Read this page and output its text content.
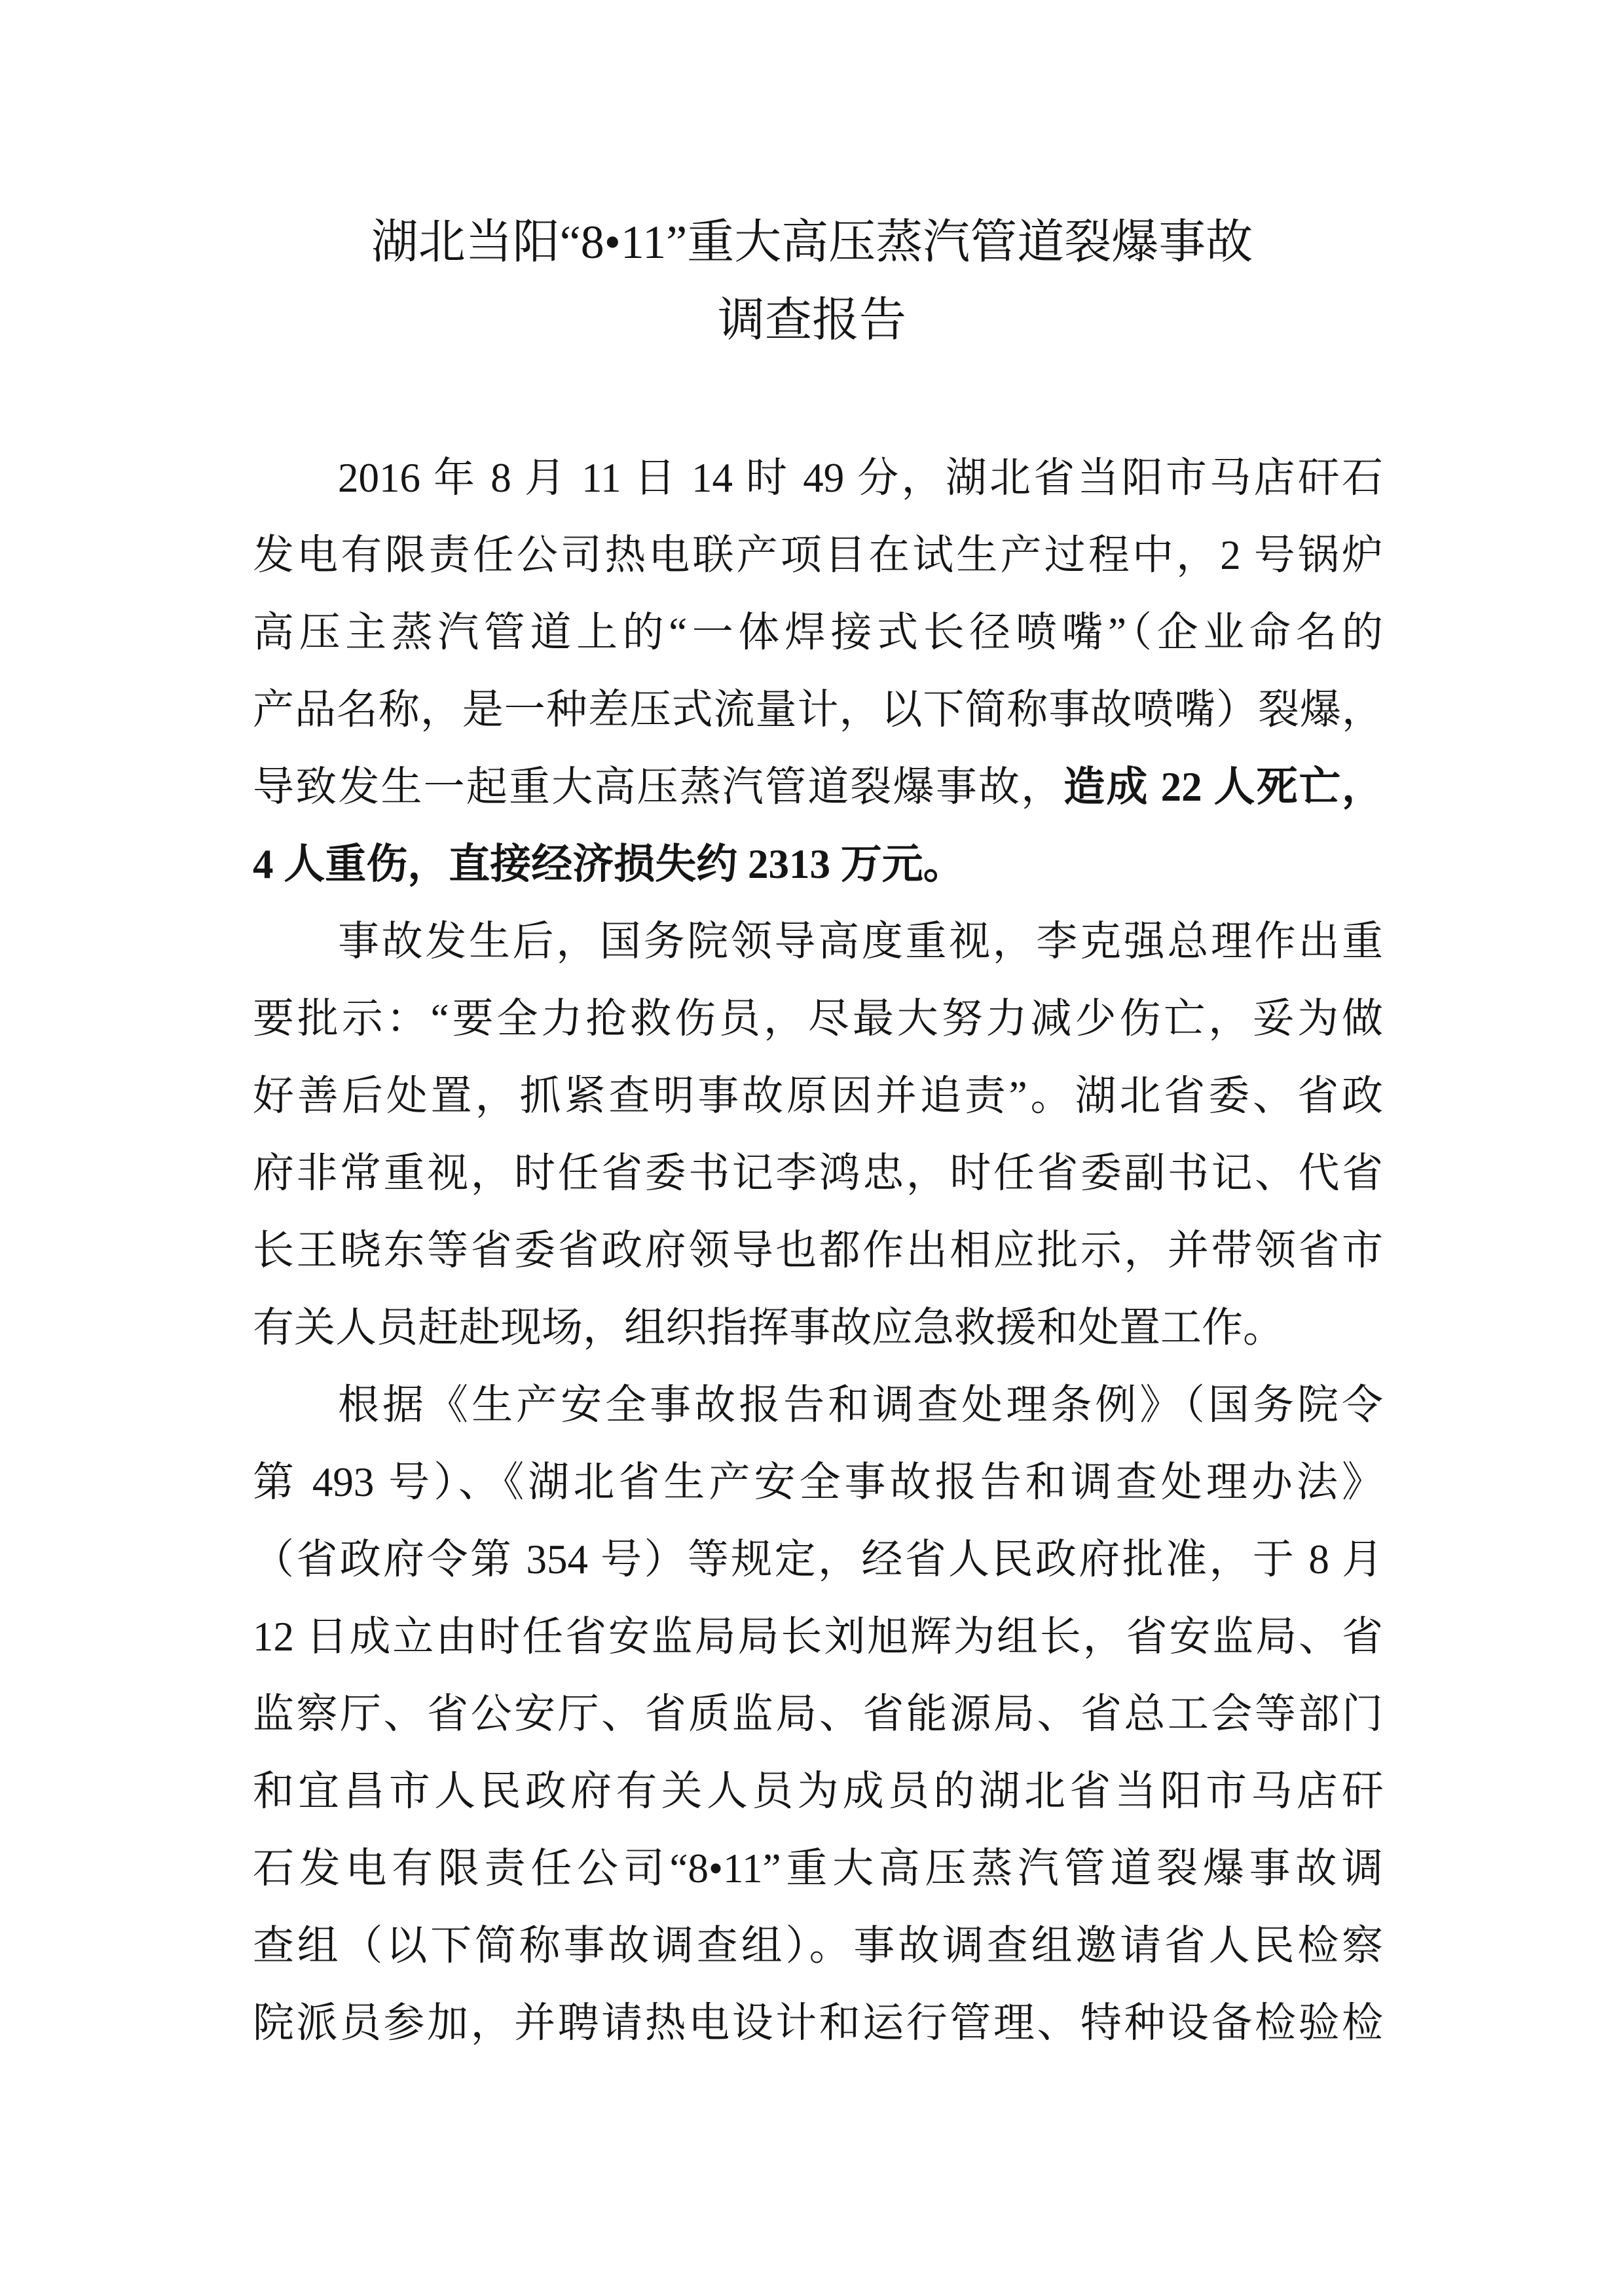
湖北当阳“8•11”重大高压蒸汽管道裂爆事故
调查报告
2016 年 8 月 11 日 14 时 49 分，湖北省当阳市马店矸石
发电有限责任公司热电联产项目在试生产过程中，2 号锅炉
高压主蒸汽管道上的“一体焊接式长径喷嘴”（企业命名的
产品名称，是一种差压式流量计，以下简称事故喷嘴）裂爆，
导致发生一起重大高压蒸汽管道裂爆事故，造成 22 人死亡，
4 人重伤，直接经济损失约 2313 万元。
事故发生后，国务院领导高度重视，李克强总理作出重
要批示：“要全力抢救伤员，尽最大努力减少伤亡，妥为做
好善后处置，抓紧查明事故原因并追责”。湖北省委、省政
府非常重视，时任省委书记李鸿忠，时任省委副书记、代省
长王晓东等省委省政府领导也都作出相应批示，并带领省市
有关人员赶赴现场，组织指挥事故应急救援和处置工作。
根据《生产安全事故报告和调查处理条例》（国务院令
第 493 号）、《湖北省生产安全事故报告和调查处理办法》
（省政府令第 354 号）等规定，经省人民政府批准，于 8 月
12 日成立由时任省安监局局长刘旭辉为组长，省安监局、省
监察厅、省公安厅、省质监局、省能源局、省总工会等部门
和宜昌市人民政府有关人员为成员的湖北省当阳市马店矸
石发电有限责任公司“8•11”重大高压蒸汽管道裂爆事故调
查组（以下简称事故调查组）。事故调查组邀请省人民检察
院派员参加，并聘请热电设计和运行管理、特种设备检验检
